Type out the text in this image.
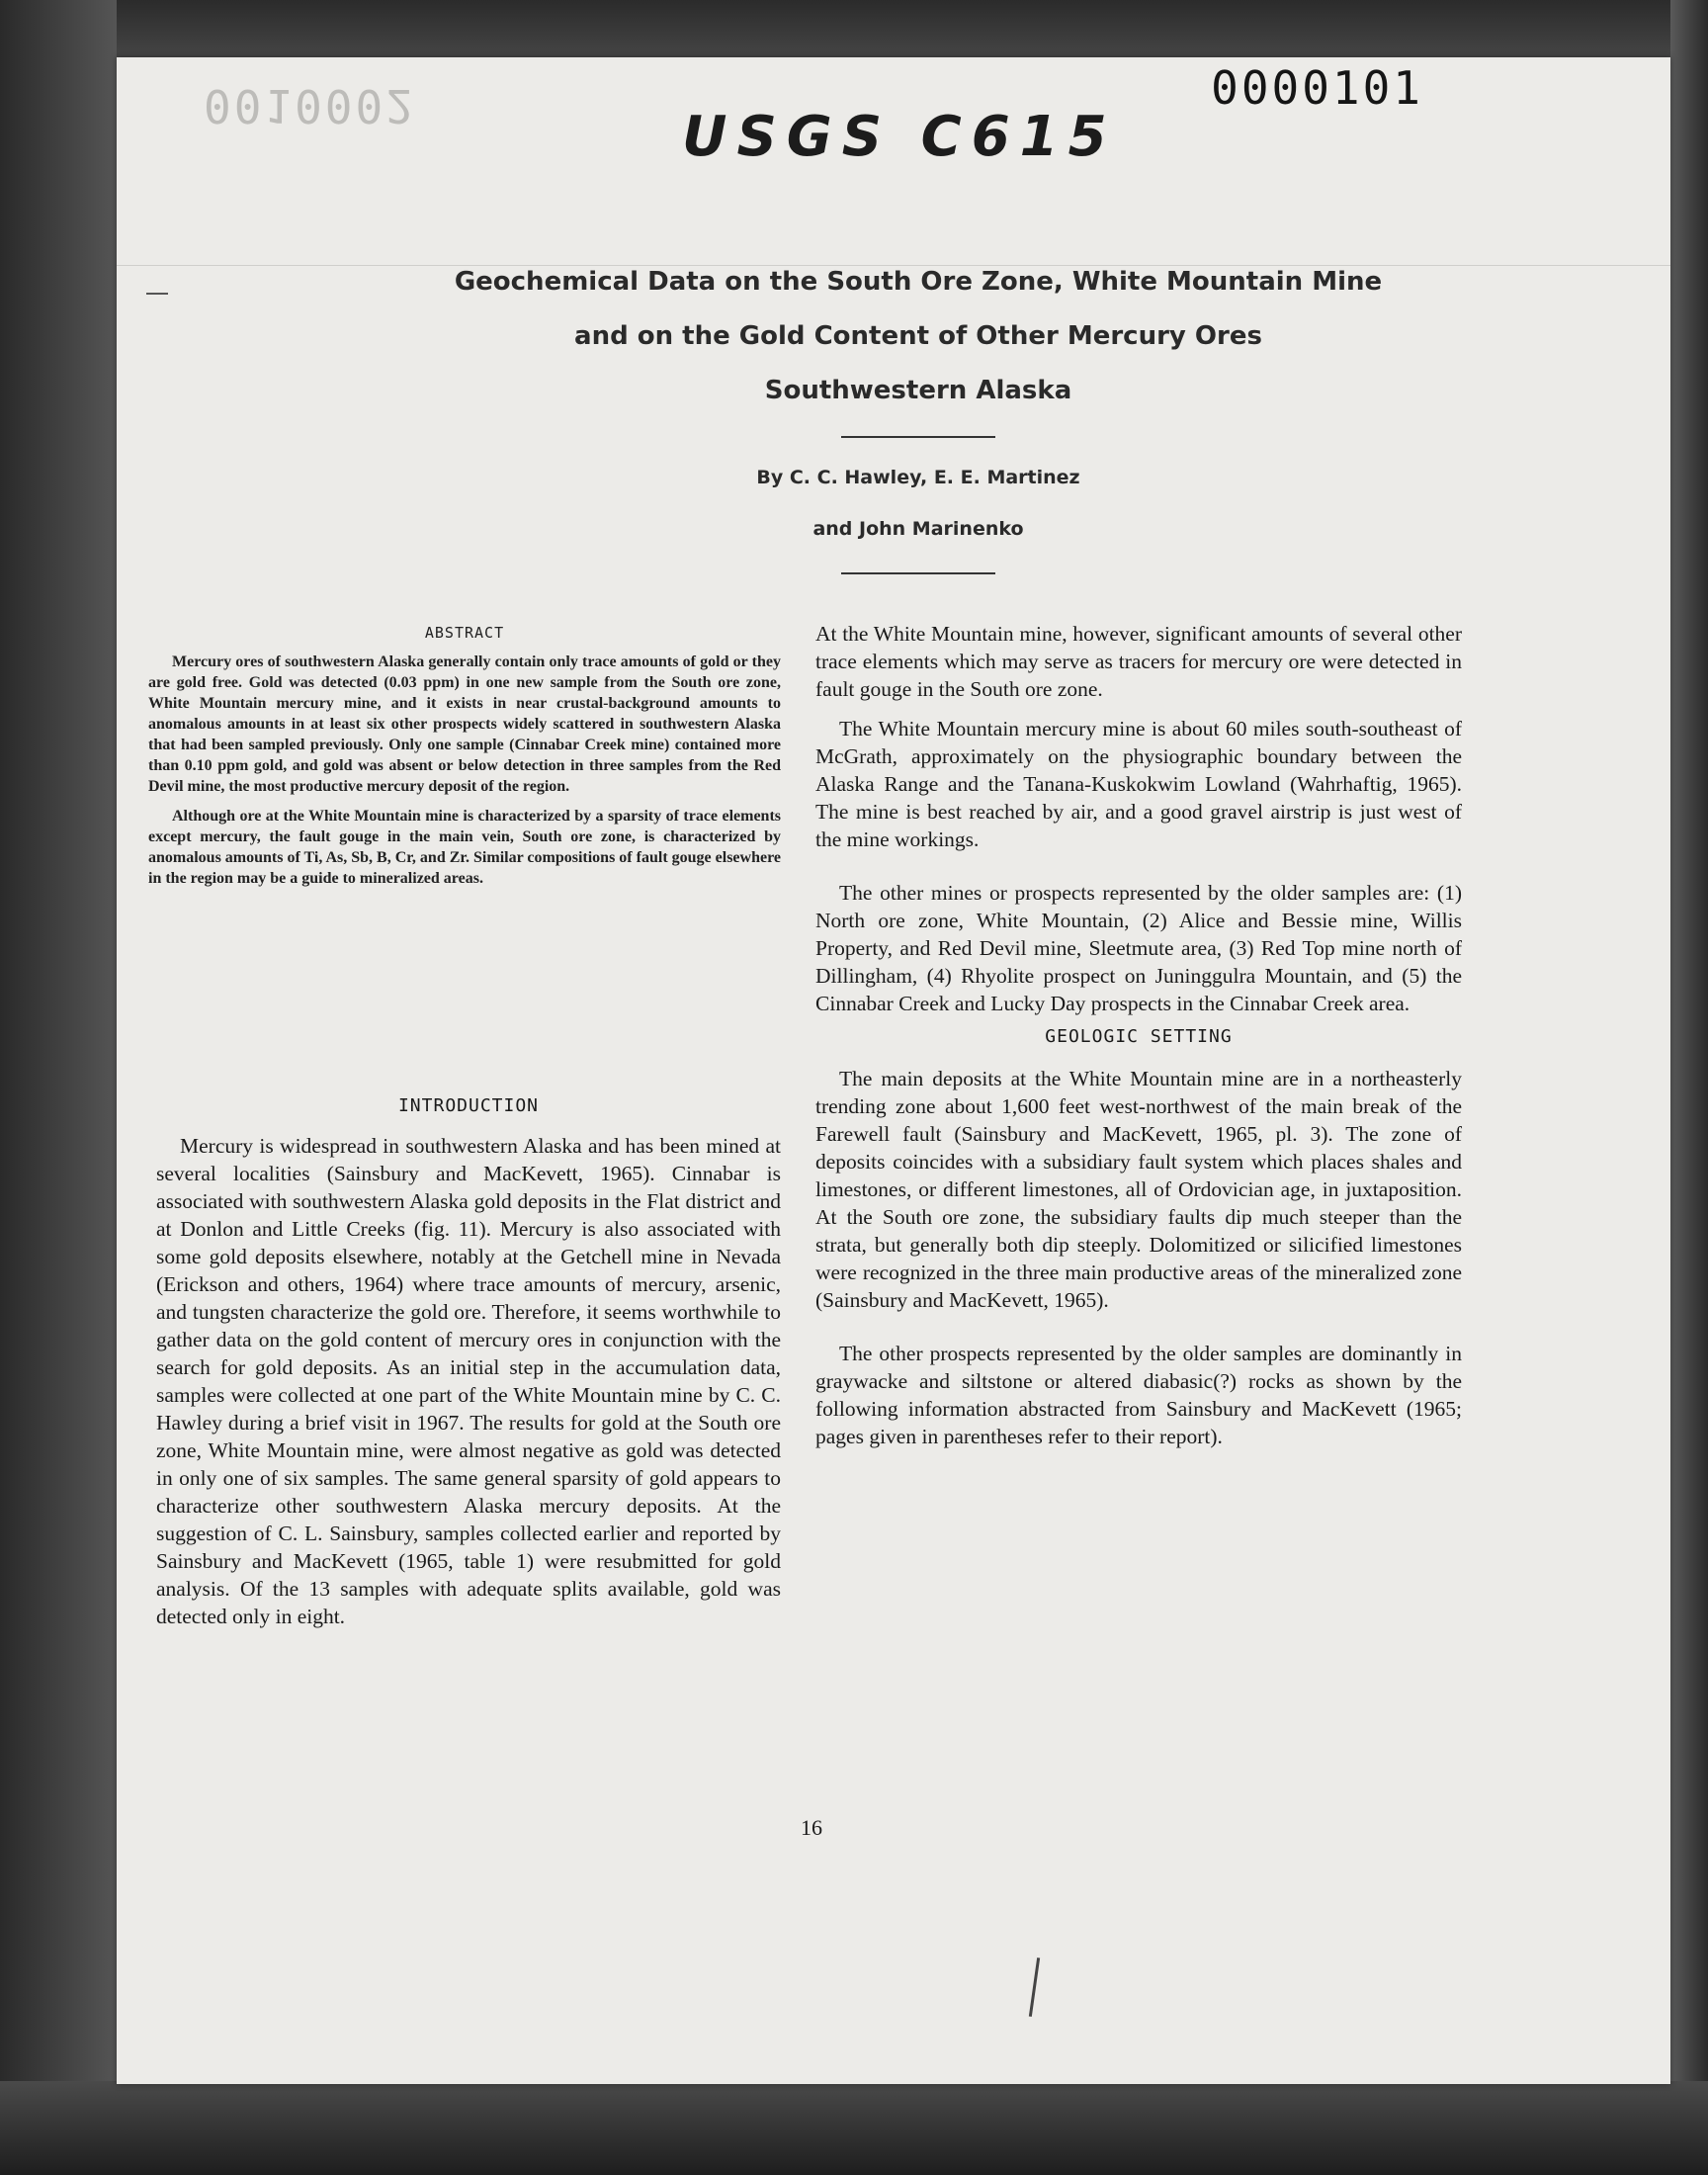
0010002	0000101
USGS C615
Geochemical Data on the South Ore Zone, White Mountain Mine
and on the Gold Content of Other Mercury Ores
Southwestern Alaska
By C. C. Hawley, E. E. Martinez
and John Marinenko
ABSTRACT

Mercury ores of southwestern Alaska generally contain only trace amounts of gold or they are gold free. Gold was detected (0.03 ppm) in one new sample from the South ore zone, White Mountain mercury mine, and it exists in near crustal-background amounts to anomalous amounts in at least six other prospects widely scattered in southwestern Alaska that had been sampled previously. Only one sample (Cinnabar Creek mine) contained more than 0.10 ppm gold, and gold was absent or below detection in three samples from the Red Devil mine, the most productive mercury deposit of the region.

Although ore at the White Mountain mine is characterized by a sparsity of trace elements except mercury, the fault gouge in the main vein, South ore zone, is characterized by anomalous amounts of Ti, As, Sb, B, Cr, and Zr. Similar compositions of fault gouge elsewhere in the region may be a guide to mineralized areas.

INTRODUCTION

Mercury is widespread in southwestern Alaska and has been mined at several localities (Sainsbury and MacKevett, 1965). Cinnabar is associated with southwestern Alaska gold deposits in the Flat district and at Donlon and Little Creeks (fig. 11). Mercury is also associated with some gold deposits elsewhere, notably at the Getchell mine in Nevada (Erickson and others, 1964) where trace amounts of mercury, arsenic, and tungsten characterize the gold ore. Therefore, it seems worthwhile to gather data on the gold content of mercury ores in conjunction with the search for gold deposits. As an initial step in the accumulation data, samples were collected at one part of the White Mountain mine by C. C. Hawley during a brief visit in 1967. The results for gold at the South ore zone, White Mountain mine, were almost negative as gold was detected in only one of six samples. The same general sparsity of gold appears to characterize other southwestern Alaska mercury deposits. At the suggestion of C. L. Sainsbury, samples collected earlier and reported by Sainsbury and MacKevett (1965, table 1) were resubmitted for gold analysis. Of the 13 samples with adequate splits available, gold was detected only in eight.

At the White Mountain mine, however, significant amounts of several other trace elements which may serve as tracers for mercury ore were detected in fault gouge in the South ore zone.

The White Mountain mercury mine is about 60 miles south-southeast of McGrath, approximately on the physiographic boundary between the Alaska Range and the Tanana-Kuskokwim Lowland (Wahrhaftig, 1965). The mine is best reached by air, and a good gravel airstrip is just west of the mine workings.

The other mines or prospects represented by the older samples are: (1) North ore zone, White Mountain, (2) Alice and Bessie mine, Willis Property, and Red Devil mine, Sleetmute area, (3) Red Top mine north of Dillingham, (4) Rhyolite prospect on Juninggulra Mountain, and (5) the Cinnabar Creek and Lucky Day prospects in the Cinnabar Creek area.

GEOLOGIC SETTING

The main deposits at the White Mountain mine are in a northeasterly trending zone about 1,600 feet west-northwest of the main break of the Farewell fault (Sainsbury and MacKevett, 1965, pl. 3). The zone of deposits coincides with a subsidiary fault system which places shales and limestones, or different limestones, all of Ordovician age, in juxtaposition. At the South ore zone, the subsidiary faults dip much steeper than the strata, but generally both dip steeply. Dolomitized or silicified limestones were recognized in the three main productive areas of the mineralized zone (Sainsbury and MacKevett, 1965).

The other prospects represented by the older samples are dominantly in graywacke and siltstone or altered diabasic(?) rocks as shown by the following information abstracted from Sainsbury and MacKevett (1965; pages given in parentheses refer to their report).

16
